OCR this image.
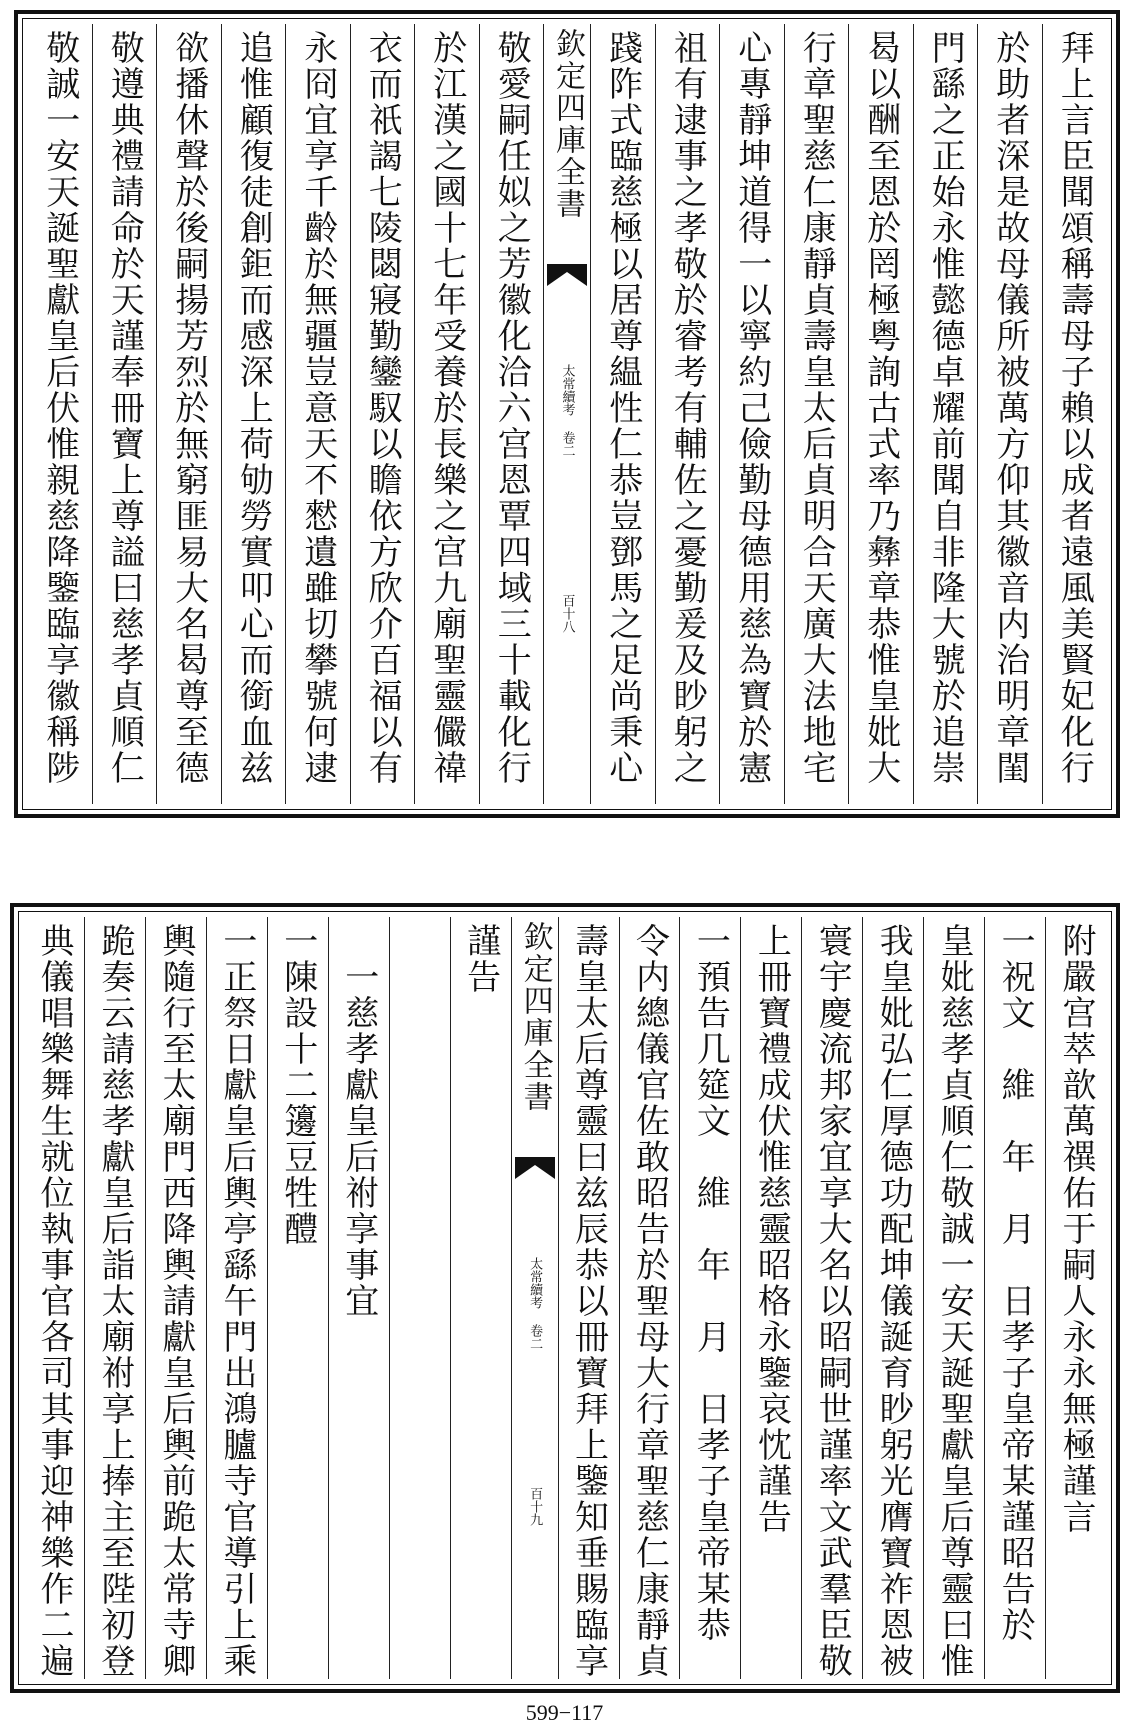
拜上言臣聞頌稱壽母子賴以成者遠風美賢妃化行
於助者深是故母儀所被萬方仰其徽音内治明章閨
門繇之正始永惟懿德卓耀前聞自非隆大號於追崇
曷以酬至恩於罔極粤詢古式率乃彝章恭惟皇妣大
行章聖慈仁康靜貞壽皇太后貞明合天廣大法地宅
心專靜坤道得一以寧約己儉勤母德用慈為寶於憲
祖有逮事之孝敬於睿考有輔佐之憂勤爰及眇躬之
踐阼式臨慈極以居尊緼性仁恭豈鄧馬之足尚秉心
欽定四庫全書
太常續考 卷二
百十八
敬愛嗣任姒之芳徽化洽六宫恩覃四域三十載化行
於江漢之國十七年受養於長樂之宫九廟聖靈儼禕
衣而祇謁七陵閟寢勤鑾馭以瞻依方欣介百福以有
永冏宜享千齡於無疆豈意天不憖遺雖切攀號何逮
追惟顧復徒創鉅而感深上荷劬勞實叩心而銜血兹
欲播休聲於後嗣揚芳烈於無窮匪易大名曷尊至德
敬遵典禮請命於天謹奉冊寶上尊謚曰慈孝貞順仁
敬誠一安天誕聖獻皇后伏惟親慈降鑒臨享徽稱陟
附嚴宫萃歆萬禩佑于嗣人永永無極謹言
一祝文　維　年　月　日孝子皇帝某謹昭告於
皇妣慈孝貞順仁敬誠一安天誕聖獻皇后尊靈曰惟
我皇妣弘仁厚德功配坤儀誕育眇躬光膺寶祚恩被
寰宇慶流邦家宜享大名以昭嗣世謹率文武羣臣敬
上冊寶禮成伏惟慈靈昭格永鑒哀忱謹告
一預告几筵文　維　年　月　日孝子皇帝某恭
令内總儀官佐敢昭告於聖母大行章聖慈仁康靜貞
壽皇太后尊靈曰兹辰恭以冊寶拜上鑒知垂賜臨享
欽定四庫全書
太常續考 卷二
百十九
謹告
　一慈孝獻皇后祔享事宜
一陳設十二籩豆牲醴
一正祭日獻皇后輿亭繇午門出鴻臚寺官導引上乘
輿隨行至太廟門西降輿請獻皇后輿前跪太常寺卿
跪奏云請慈孝獻皇后詣太廟祔享上捧主至陛初登
典儀唱樂舞生就位執事官各司其事迎神樂作二遍
599−117
